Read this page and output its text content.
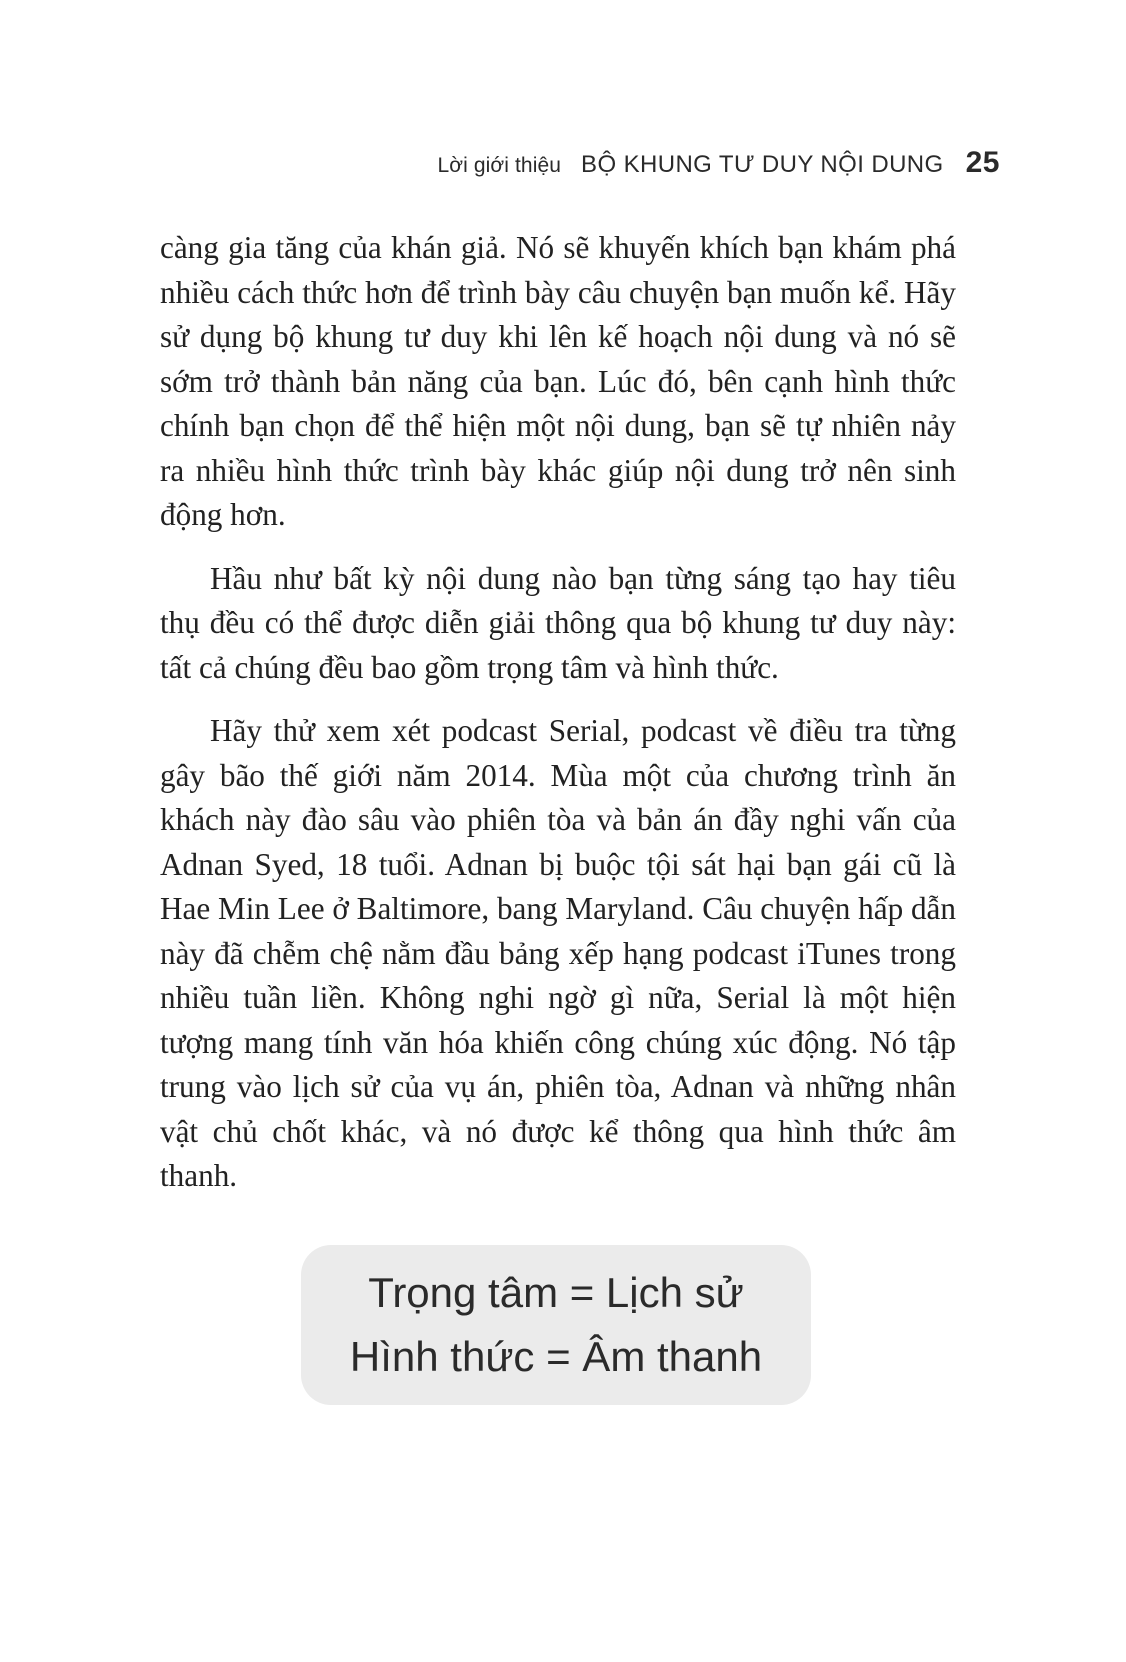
Lời giới thiệu BỘ KHUNG TƯ DUY NỘI DUNG 25

càng gia tăng của khán giả. Nó sẽ khuyến khích bạn khám phá nhiều cách thức hơn để trình bày câu chuyện bạn muốn kể. Hãy sử dụng bộ khung tư duy khi lên kế hoạch nội dung và nó sẽ sớm trở thành bản năng của bạn. Lúc đó, bên cạnh hình thức chính bạn chọn để thể hiện một nội dung, bạn sẽ tự nhiên nảy ra nhiều hình thức trình bày khác giúp nội dung trở nên sinh động hơn.

Hầu như bất kỳ nội dung nào bạn từng sáng tạo hay tiêu thụ đều có thể được diễn giải thông qua bộ khung tư duy này: tất cả chúng đều bao gồm trọng tâm và hình thức.

Hãy thử xem xét podcast Serial, podcast về điều tra từng gây bão thế giới năm 2014. Mùa một của chương trình ăn khách này đào sâu vào phiên tòa và bản án đầy nghi vấn của Adnan Syed, 18 tuổi. Adnan bị buộc tội sát hại bạn gái cũ là Hae Min Lee ở Baltimore, bang Maryland. Câu chuyện hấp dẫn này đã chễm chệ nằm đầu bảng xếp hạng podcast iTunes trong nhiều tuần liền. Không nghi ngờ gì nữa, Serial là một hiện tượng mang tính văn hóa khiến công chúng xúc động. Nó tập trung vào lịch sử của vụ án, phiên tòa, Adnan và những nhân vật chủ chốt khác, và nó được kể thông qua hình thức âm thanh.

Trọng tâm = Lịch sử
Hình thức = Âm thanh
